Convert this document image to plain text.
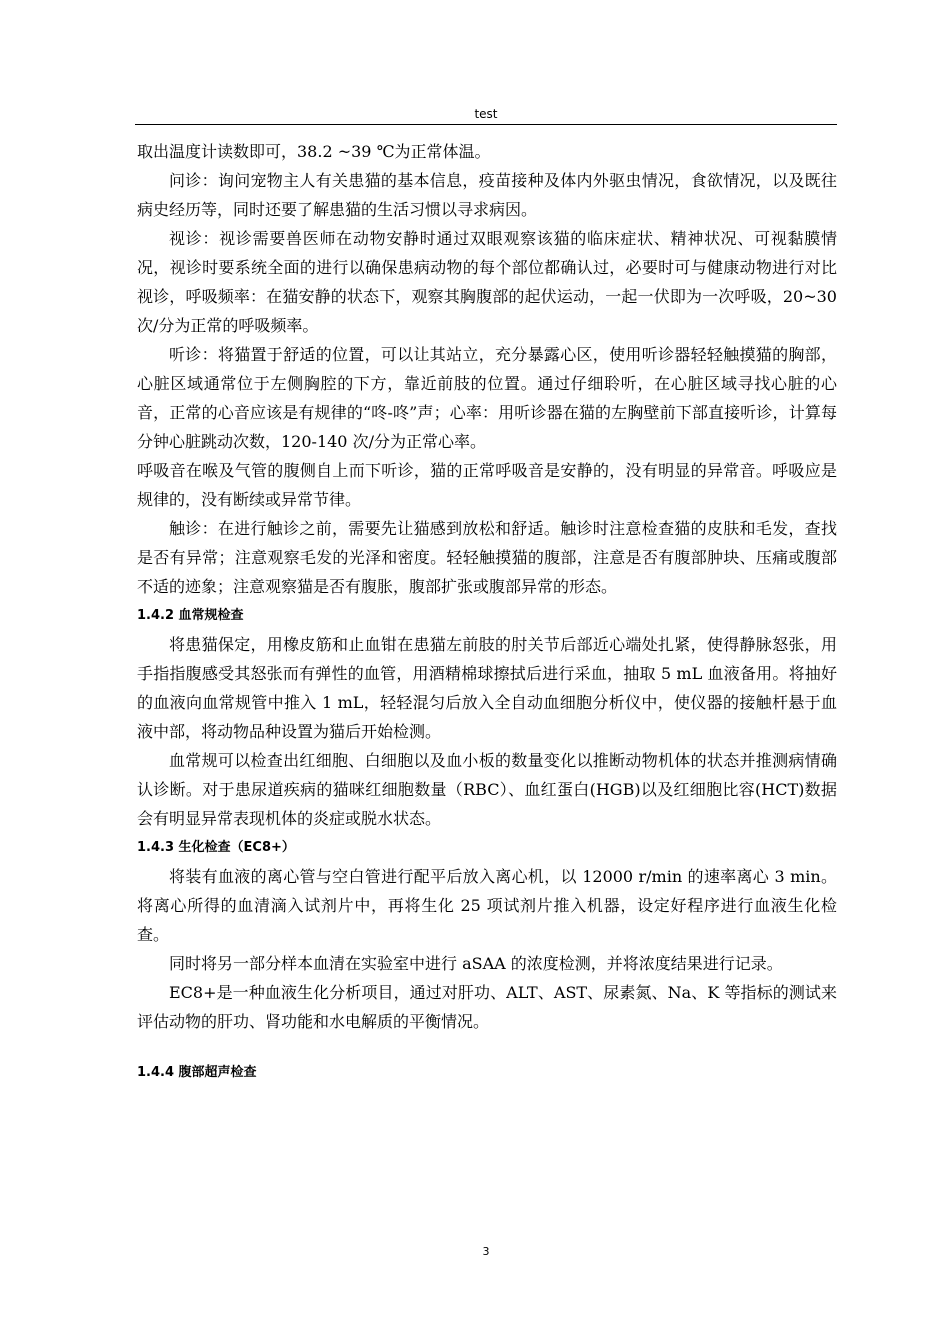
test

取出温度计读数即可，38.2 ~39 ℃为正常体温。

问诊：询问宠物主人有关患猫的基本信息，疫苗接种及体内外驱虫情况，食欲情况，以及既往病史经历等，同时还要了解患猫的生活习惯以寻求病因。

视诊：视诊需要兽医师在动物安静时通过双眼观察该猫的临床症状、精神状况、可视黏膜情况，视诊时要系统全面的进行以确保患病动物的每个部位都确认过，必要时可与健康动物进行对比视诊，呼吸频率：在猫安静的状态下，观察其胸腹部的起伏运动，一起一伏即为一次呼吸，20~30 次/分为正常的呼吸频率。

听诊：将猫置于舒适的位置，可以让其站立，充分暴露心区，使用听诊器轻轻触摸猫的胸部，心脏区域通常位于左侧胸腔的下方，靠近前肢的位置。通过仔细聆听，在心脏区域寻找心脏的心音，正常的心音应该是有规律的“咚-咚”声；心率：用听诊器在猫的左胸壁前下部直接听诊，计算每分钟心脏跳动次数，120-140 次/分为正常心率。

呼吸音在喉及气管的腹侧自上而下听诊，猫的正常呼吸音是安静的，没有明显的异常音。呼吸应是规律的，没有断续或异常节律。

触诊：在进行触诊之前，需要先让猫感到放松和舒适。触诊时注意检查猫的皮肤和毛发，查找是否有异常；注意观察毛发的光泽和密度。轻轻触摸猫的腹部，注意是否有腹部肿块、压痛或腹部不适的迹象；注意观察猫是否有腹胀，腹部扩张或腹部异常的形态。

1.4.2 血常规检查

将患猫保定，用橡皮筋和止血钳在患猫左前肢的肘关节后部近心端处扎紧，使得静脉怒张，用手指指腹感受其怒张而有弹性的血管，用酒精棉球擦拭后进行采血，抽取 5 mL 血液备用。将抽好的血液向血常规管中推入 1 mL，轻轻混匀后放入全自动血细胞分析仪中，使仪器的接触杆悬于血液中部，将动物品种设置为猫后开始检测。

血常规可以检查出红细胞、白细胞以及血小板的数量变化以推断动物机体的状态并推测病情确认诊断。对于患尿道疾病的猫咪红细胞数量（RBC）、血红蛋白(HGB)以及红细胞比容(HCT)数据会有明显异常表现机体的炎症或脱水状态。

1.4.3 生化检查（EC8+）

将装有血液的离心管与空白管进行配平后放入离心机，以 12000 r/min 的速率离心 3 min。将离心所得的血清滴入试剂片中，再将生化 25 项试剂片推入机器，设定好程序进行血液生化检查。

同时将另一部分样本血清在实验室中进行 aSAA 的浓度检测，并将浓度结果进行记录。

EC8+是一种血液生化分析项目，通过对肝功、ALT、AST、尿素氮、Na、K 等指标的测试来评估动物的肝功、肾功能和水电解质的平衡情况。

1.4.4 腹部超声检查

3
